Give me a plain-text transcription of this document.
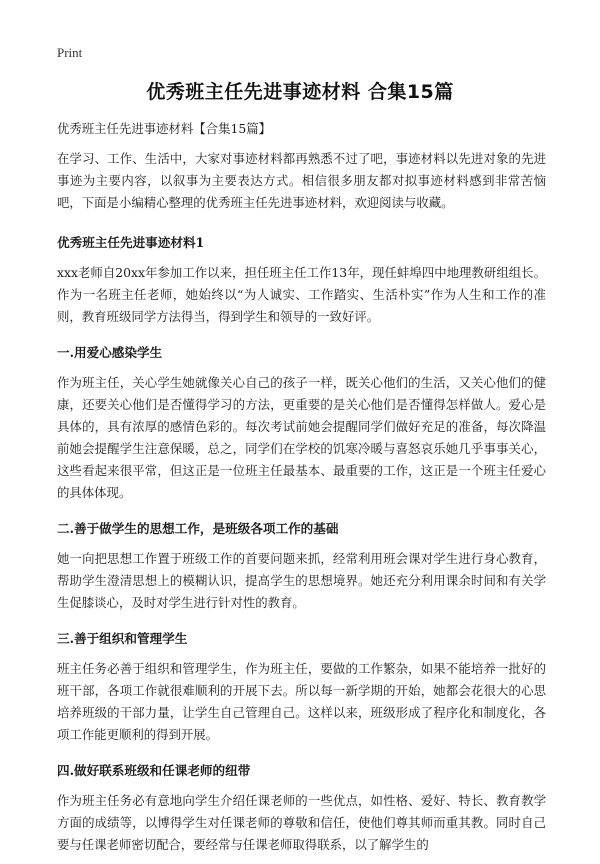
Print
优秀班主任先进事迹材料 合集15篇

优秀班主任先进事迹材料【合集15篇】

在学习、工作、生活中，大家对事迹材料都再熟悉不过了吧，事迹材料以先进对象的先进事迹为主要内容，以叙事为主要表达方式。相信很多朋友都对拟事迹材料感到非常苦恼吧，下面是小编精心整理的优秀班主任先进事迹材料，欢迎阅读与收藏。

优秀班主任先进事迹材料1

xxx老师自20xx年参加工作以来，担任班主任工作13年，现任蚌埠四中地理教研组组长。作为一名班主任老师，她始终以“为人诚实、工作踏实、生活朴实”作为人生和工作的准则，教育班级同学方法得当，得到学生和领导的一致好评。

一.用爱心感染学生

作为班主任，关心学生她就像关心自己的孩子一样，既关心他们的生活，又关心他们的健康，还要关心他们是否懂得学习的方法，更重要的是关心他们是否懂得怎样做人。爱心是具体的，具有浓厚的感情色彩的。每次考试前她会提醒同学们做好充足的准备，每次降温前她会提醒学生注意保暖，总之，同学们在学校的饥寒冷暖与喜怒哀乐她几乎事事关心，这些看起来很平常，但这正是一位班主任最基本、最重要的工作，这正是一个班主任爱心的具体体现。

二.善于做学生的思想工作，是班级各项工作的基础

她一向把思想工作置于班级工作的首要问题来抓，经常利用班会课对学生进行身心教育，帮助学生澄清思想上的模糊认识，提高学生的思想境界。她还充分利用课余时间和有关学生促膝谈心，及时对学生进行针对性的教育。

三.善于组织和管理学生

班主任务必善于组织和管理学生，作为班主任，要做的工作繁杂，如果不能培养一批好的班干部，各项工作就很难顺利的开展下去。所以每一新学期的开始，她都会花很大的心思培养班级的干部力量，让学生自己管理自己。这样以来，班级形成了程序化和制度化，各项工作能更顺利的得到开展。

四.做好联系班级和任课老师的纽带

作为班主任务必有意地向学生介绍任课老师的一些优点，如性格、爱好、特长、教育教学方面的成绩等，以博得学生对任课老师的尊敬和信任，使他们尊其师而重其教。同时自己要与任课老师密切配合，要经常与任课老师取得联系，以了解学生的
